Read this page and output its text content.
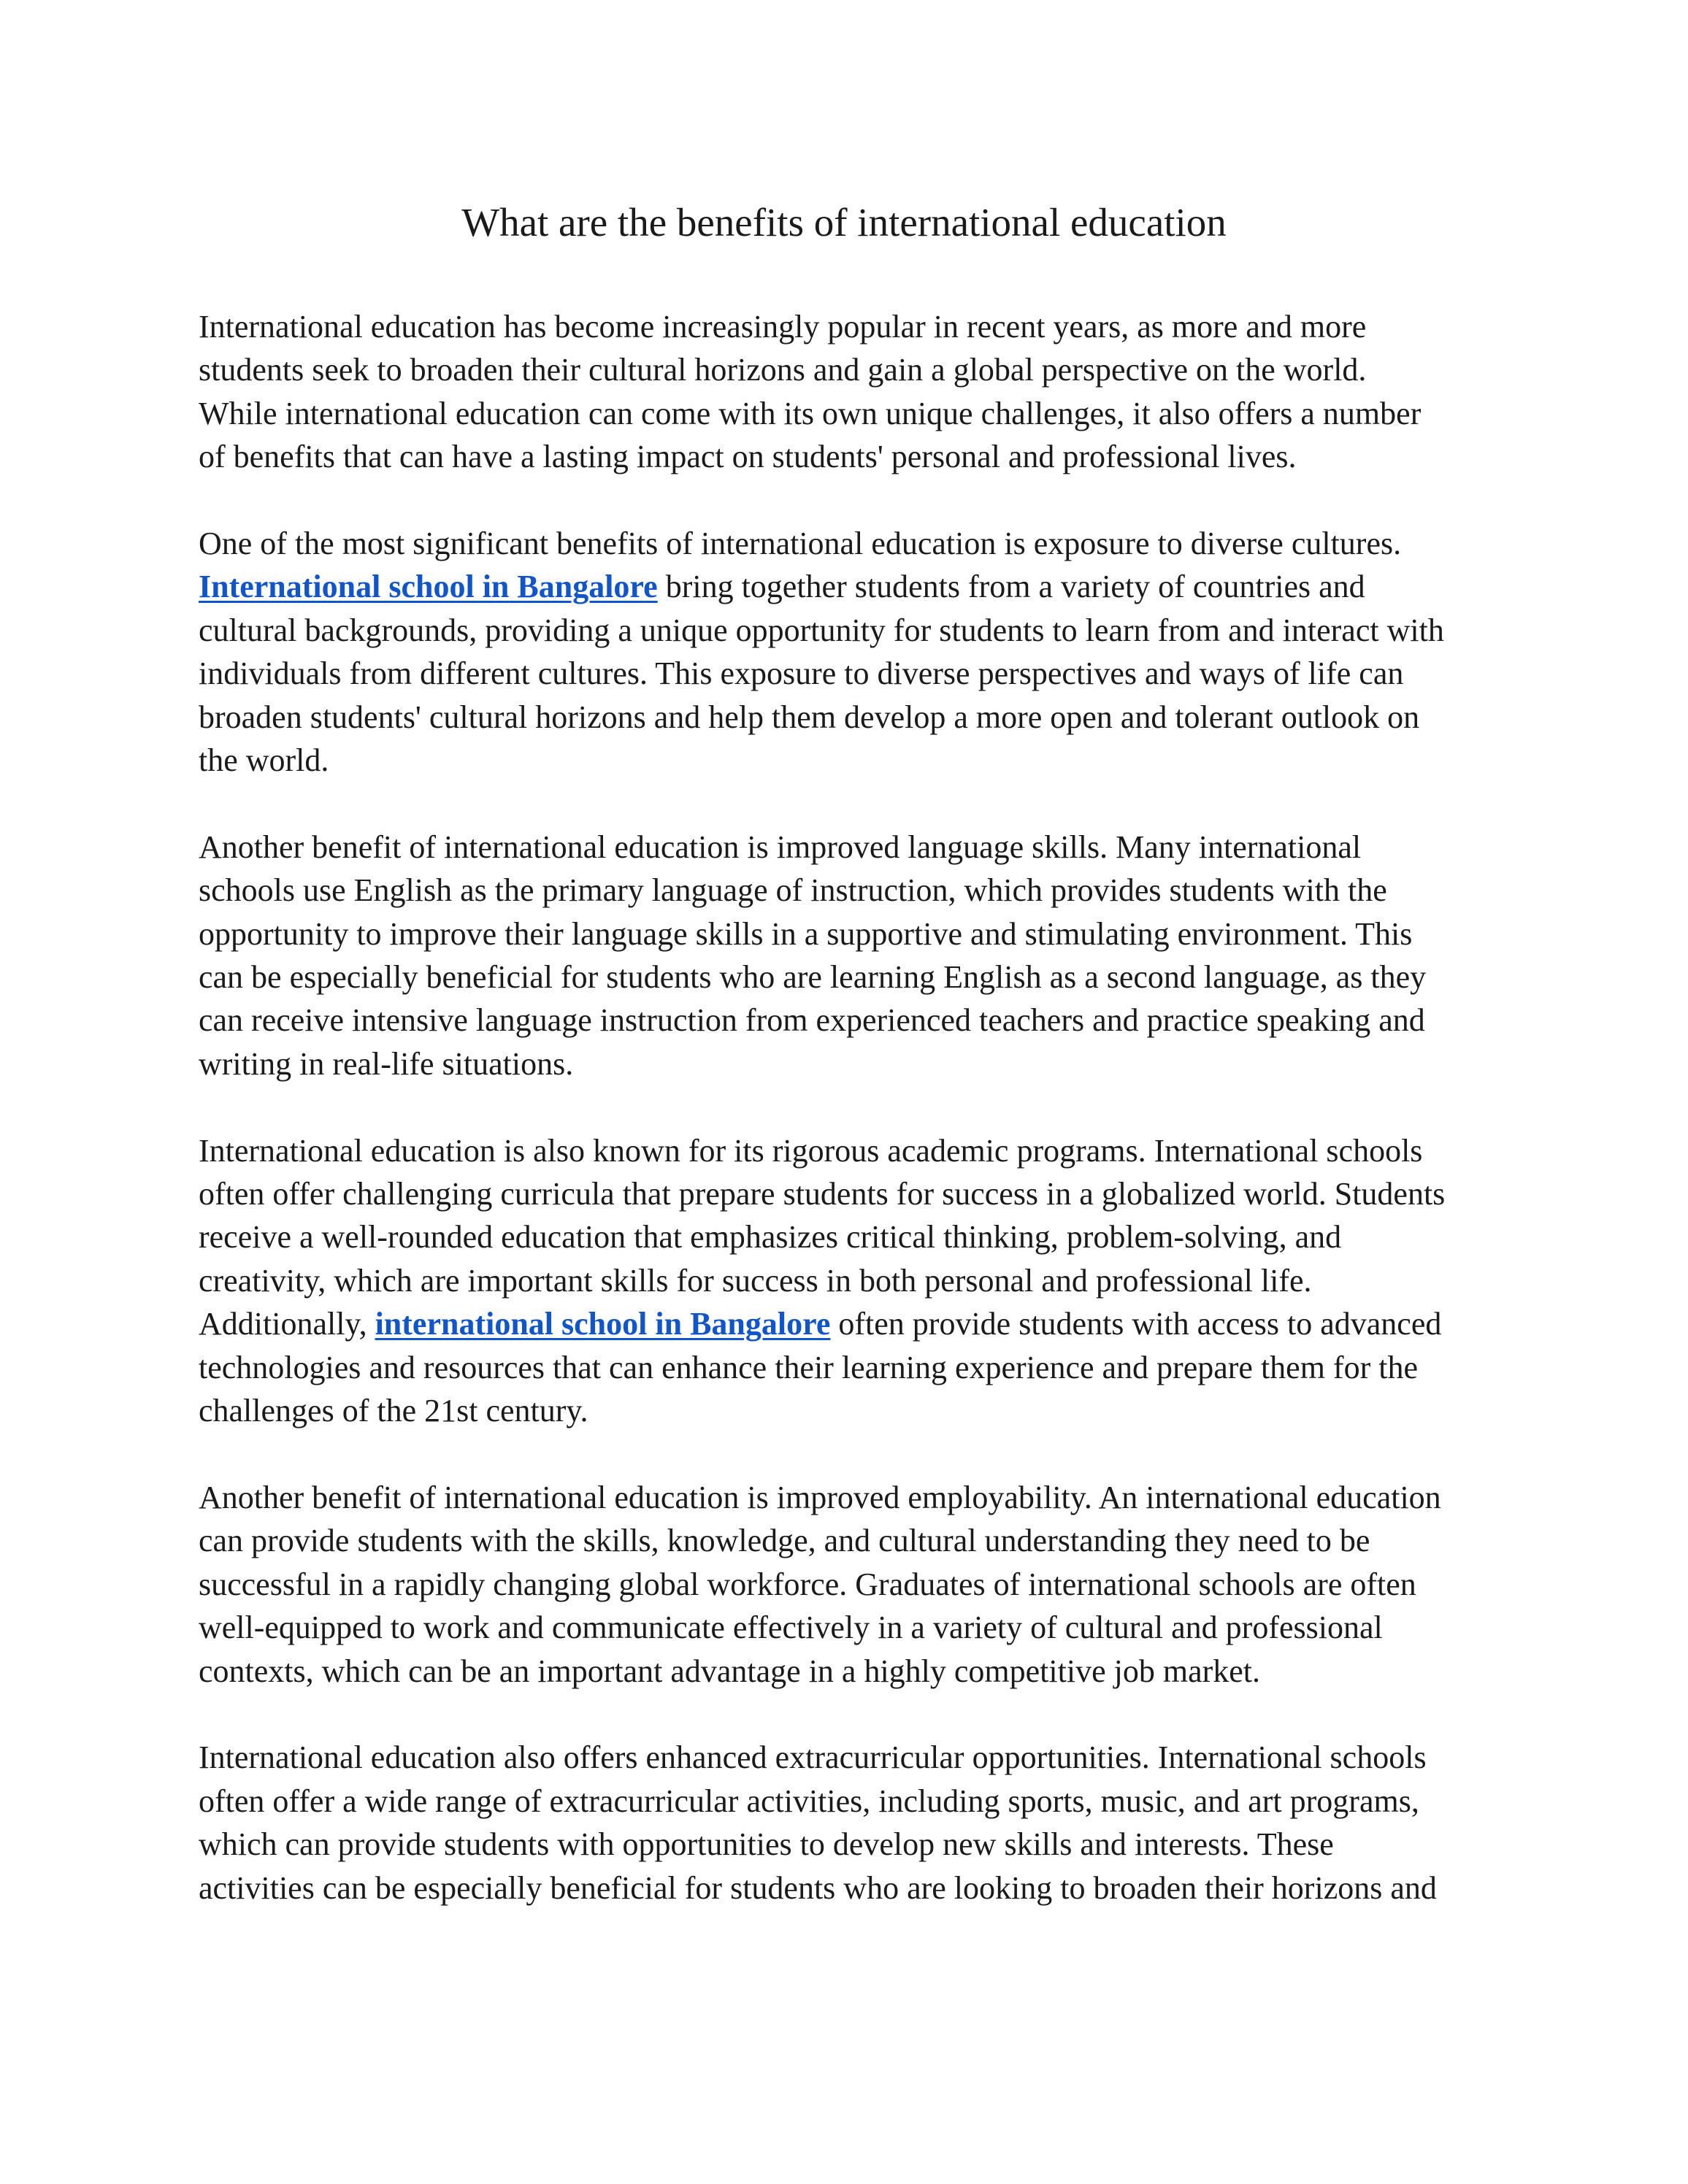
What are the benefits of international education

International education has become increasingly popular in recent years, as more and more
students seek to broaden their cultural horizons and gain a global perspective on the world.
While international education can come with its own unique challenges, it also offers a number
of benefits that can have a lasting impact on students' personal and professional lives.

One of the most significant benefits of international education is exposure to diverse cultures.
International school in Bangalore bring together students from a variety of countries and
cultural backgrounds, providing a unique opportunity for students to learn from and interact with
individuals from different cultures. This exposure to diverse perspectives and ways of life can
broaden students' cultural horizons and help them develop a more open and tolerant outlook on
the world.

Another benefit of international education is improved language skills. Many international
schools use English as the primary language of instruction, which provides students with the
opportunity to improve their language skills in a supportive and stimulating environment. This
can be especially beneficial for students who are learning English as a second language, as they
can receive intensive language instruction from experienced teachers and practice speaking and
writing in real-life situations.

International education is also known for its rigorous academic programs. International schools
often offer challenging curricula that prepare students for success in a globalized world. Students
receive a well-rounded education that emphasizes critical thinking, problem-solving, and
creativity, which are important skills for success in both personal and professional life.
Additionally, international school in Bangalore often provide students with access to advanced
technologies and resources that can enhance their learning experience and prepare them for the
challenges of the 21st century.

Another benefit of international education is improved employability. An international education
can provide students with the skills, knowledge, and cultural understanding they need to be
successful in a rapidly changing global workforce. Graduates of international schools are often
well-equipped to work and communicate effectively in a variety of cultural and professional
contexts, which can be an important advantage in a highly competitive job market.

International education also offers enhanced extracurricular opportunities. International schools
often offer a wide range of extracurricular activities, including sports, music, and art programs,
which can provide students with opportunities to develop new skills and interests. These
activities can be especially beneficial for students who are looking to broaden their horizons and
